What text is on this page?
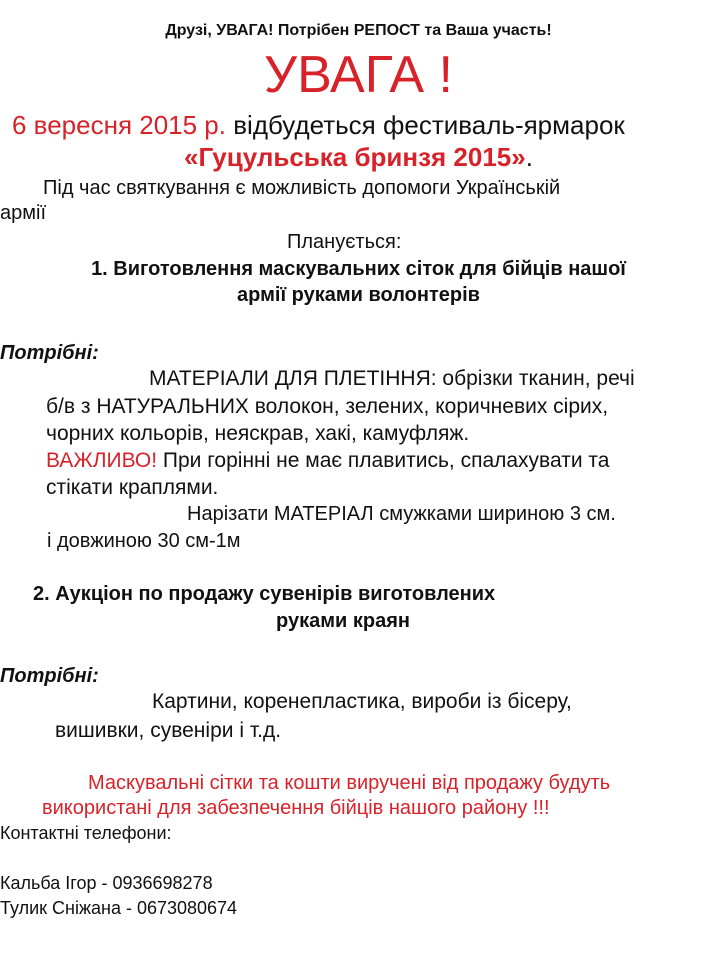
Друзі, УВАГА! Потрібен РЕПОСТ та Ваша участь!
УВАГА !
6 вересня 2015 р. відбудеться фестиваль-ярмарок
«Гуцульська бринзя 2015».
Під час святкування є можливість допомоги Українській
армії
Планується:
1. Виготовлення маскувальних сіток для бійців нашої
армії руками волонтерів
Потрібні:
МАТЕРІАЛИ ДЛЯ ПЛЕТІННЯ: обрізки тканин, речі
б/в з НАТУРАЛЬНИХ волокон, зелених, коричневих сірих,
чорних кольорів, неяскрав, хакі, камуфляж.
ВАЖЛИВО! При горінні не має плавитись, спалахувати та
стікати краплями.
Нарізати МАТЕРІАЛ смужками шириною 3 см.
і довжиною 30 см-1м
2. Аукціон по продажу сувенірів виготовлених
руками краян
Потрібні:
Картини, коренепластика, вироби із бісеру,
вишивки, сувеніри і т.д.
Маскувальні сітки та кошти виручені від продажу будуть
використані для забезпечення бійців нашого району !!!
Контактні телефони:
Кальба Ігор - 0936698278
Тулик Сніжана - 0673080674
